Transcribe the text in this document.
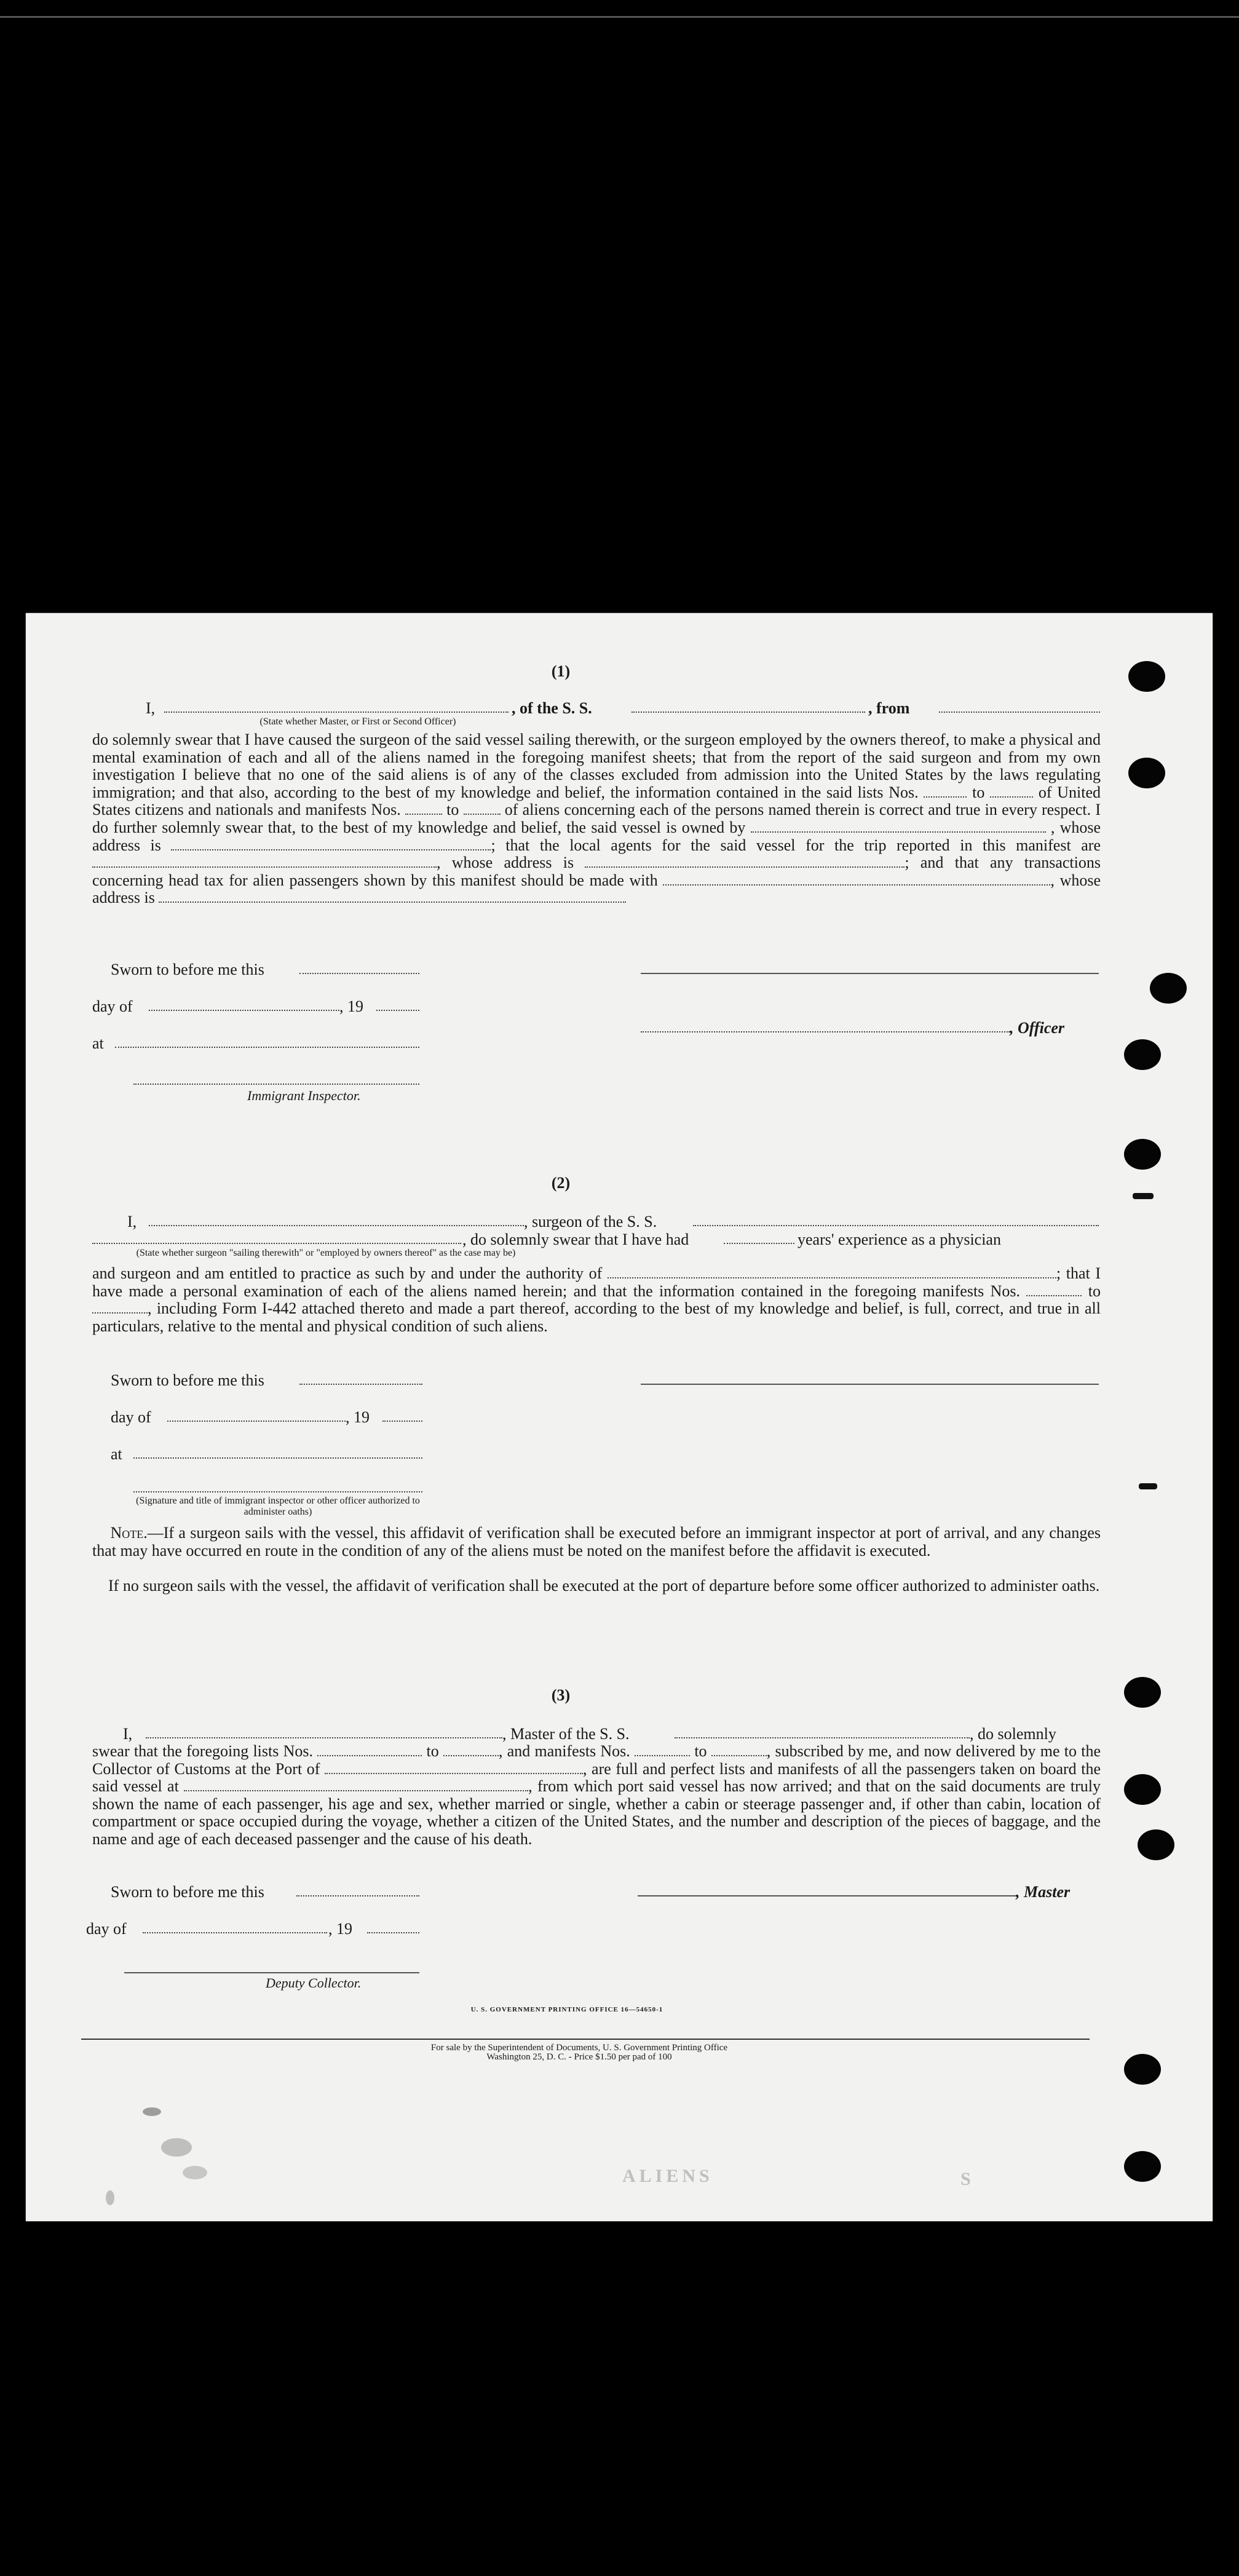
(1)
I,	, of the S. S.	, from
(State whether Master, or First or Second Officer)
do solemnly swear that I have caused the surgeon of the said vessel sailing therewith, or the surgeon employed by the owners thereof, to make a physical and mental examination of each and all of the aliens named in the foregoing manifest sheets; that from the report of the said surgeon and from my own investigation I believe that no one of the said aliens is of any of the classes excluded from admission into the United States by the laws regulating immigration; and that also, according to the best of my knowledge and belief, the information contained in the said lists Nos.	to	of United States citizens and nationals and manifests Nos.	to	of aliens concerning each of the persons named therein is correct and true in every respect. I do further solemnly swear that, to the best of my knowledge and belief, the said vessel is owned by	, whose address is	; that the local agents for the said vessel for the trip reported in this manifest are , whose address is	; and that any transactions concerning head tax for alien passengers shown by this manifest should be made with	, whose address is
Sworn to before me this
day of	, 19
, Officer
at
Immigrant Inspector.
(2)
I,	, surgeon of the S. S.
, do solemnly swear that I have had	years' experience as a physician
(State whether surgeon "sailing therewith" or "employed by owners thereof" as the case may be)
and surgeon and am entitled to practice as such by and under the authority of	; that I have made a personal examination of each of the aliens named herein; and that the information contained in the foregoing manifests Nos.	to , including Form I-442 attached thereto and made a part thereof, according to the best of my knowledge and belief, is full, correct, and true in all particulars, relative to the mental and physical condition of such aliens.
Sworn to before me this
day of	, 19
at
(Signature and title of immigrant inspector or other officer authorized to administer oaths)
Note.—If a surgeon sails with the vessel, this affidavit of verification shall be executed before an immigrant inspector at port of arrival, and any changes that may have occurred en route in the condition of any of the aliens must be noted on the manifest before the affidavit is executed.
If no surgeon sails with the vessel, the affidavit of verification shall be executed at the port of departure before some officer authorized to administer oaths.
(3)
I,	, Master of the S. S.	, do solemnly
swear that the foregoing lists Nos.	to	, and manifests Nos.	to	, subscribed by me, and now delivered by me to the Collector of Customs at the Port of	, are full and perfect lists and manifests of all the passengers taken on board the said vessel at	, from which port said vessel has now arrived; and that on the said documents are truly shown the name of each passenger, his age and sex, whether married or single, whether a cabin or steerage passenger and, if other than cabin, location of compartment or space occupied during the voyage, whether a citizen of the United States, and the number and description of the pieces of baggage, and the name and age of each deceased passenger and the cause of his death.
Sworn to before me this	, Master
day of	, 19
Deputy Collector.
U. S. GOVERNMENT PRINTING OFFICE 16—54650-1
For sale by the Superintendent of Documents, U. S. Government Printing Office
Washington 25, D. C. - Price $1.50 per pad of 100
ALIENS	S
